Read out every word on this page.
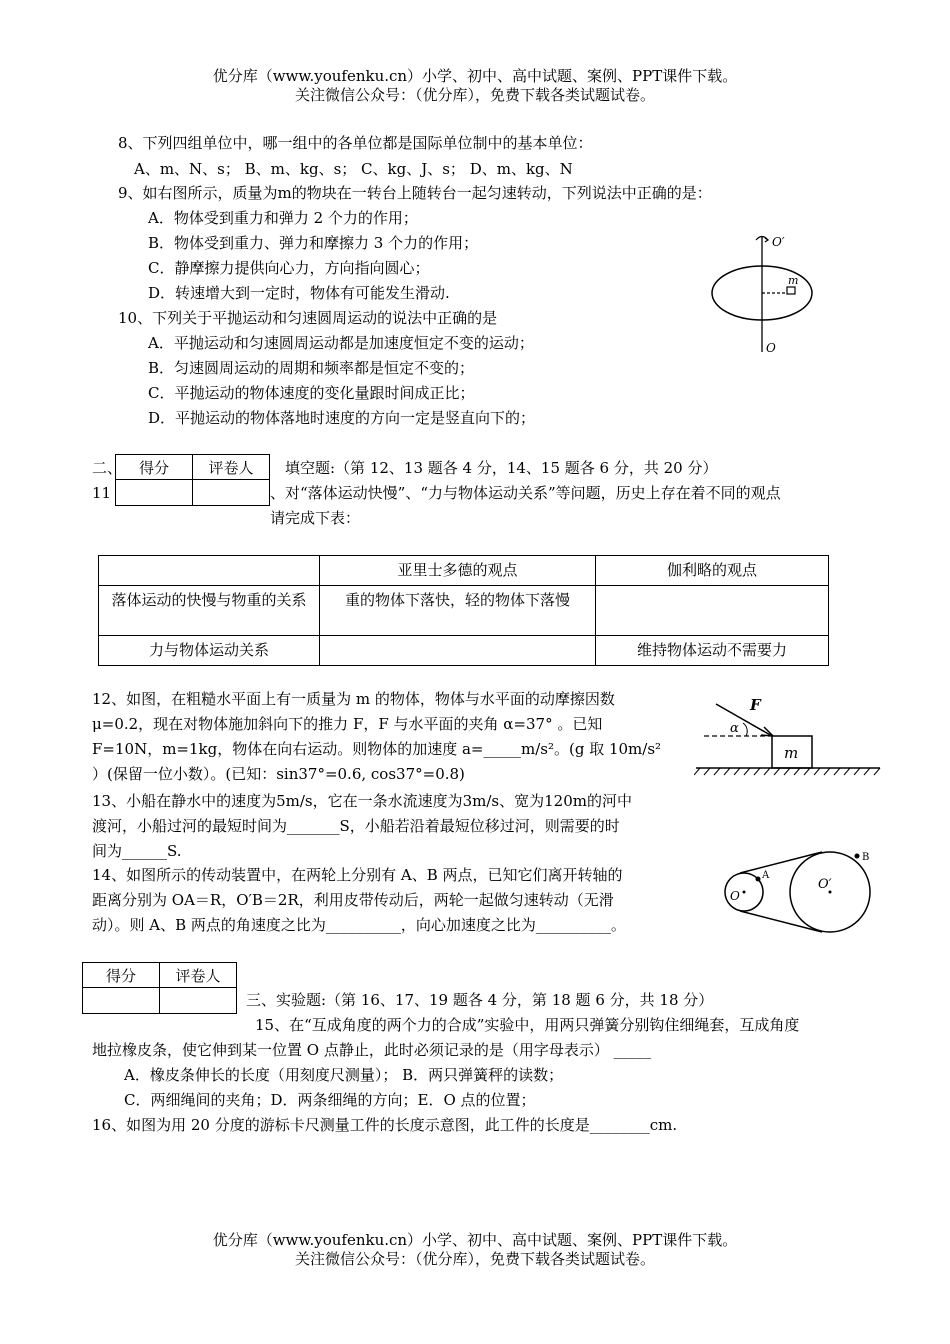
优分库（www.youfenku.cn）小学、初中、高中试题、案例、PPT课件下载。
关注微信公众号：（优分库），免费下载各类试题试卷。
8、下列四组单位中，哪一组中的各单位都是国际单位制中的基本单位：
A、m、N、s； B、m、kg、s； C、kg、J、s； D、m、kg、N
9、如右图所示，质量为m的物块在一转台上随转台一起匀速转动，下列说法中正确的是：
A．物体受到重力和弹力 2 个力的作用；
B．物体受到重力、弹力和摩擦力 3 个力的作用；
C．静摩擦力提供向心力，方向指向圆心；
D．转速增大到一定时，物体有可能发生滑动.
m
O′
O
10、下列关于平抛运动和匀速圆周运动的说法中正确的是
A．平抛运动和匀速圆周运动都是加速度恒定不变的运动；
B．匀速圆周运动的周期和频率都是恒定不变的；
C．平抛运动的物体速度的变化量跟时间成正比；
D．平抛运动的物体落地时速度的方向一定是竖直向下的；
二、
11
得分	评卷人
	填空题:（第 12、13 题各 4 分，14、15 题各 6 分，共 20 分）
、对“落体运动快慢”、“力与物体运动关系”等问题，历史上存在着不同的观点
请完成下表：
	亚里士多德的观点	伽利略的观点
落体运动的快慢与物重的关系	重的物体下落快，轻的物体下落慢	
力与物体运动关系		维持物体运动不需要力
12、如图，在粗糙水平面上有一质量为 m 的物体，物体与水平面的动摩擦因数
μ=0.2，现在对物体施加斜向下的推力 F，F 与水平面的夹角 α=37° 。已知
F=10N，m=1kg，物体在向右运动。则物体的加速度 a=_____m/s²。(g 取 10m/s²
）(保留一位小数）。(已知：sin37°=0.6, cos37°=0.8)
α
F
m
13、小船在静水中的速度为5m/s，它在一条水流速度为3m/s、宽为120m的河中
渡河，小船过河的最短时间为_______S，小船若沿着最短位移过河，则需要的时
间为______S.
14、如图所示的传动装置中，在两轮上分别有 A、B 两点，已知它们离开转轴的
距离分别为 OA＝R，O′B＝2R，利用皮带传动后，两轮一起做匀速转动（无滑
动）。则 A、B 两点的角速度之比为__________，向心加速度之比为__________。
O
A
O′
B
得分	评卷人

三、实验题:（第 16、17、19 题各 4 分，第 18 题 6 分，共 18 分）
15、在“互成角度的两个力的合成”实验中，用两只弹簧分别钩住细绳套，互成角度
地拉橡皮条，使它伸到某一位置 O 点静止，此时必须记录的是（用字母表示） _____
A．橡皮条伸长的长度（用刻度尺测量）； B．两只弹簧秤的读数；
C．两细绳间的夹角；D．两条细绳的方向；E．O 点的位置；
16、如图为用 20 分度的游标卡尺测量工件的长度示意图，此工件的长度是________cm.
优分库（www.youfenku.cn）小学、初中、高中试题、案例、PPT课件下载。
关注微信公众号：（优分库），免费下载各类试题试卷。
